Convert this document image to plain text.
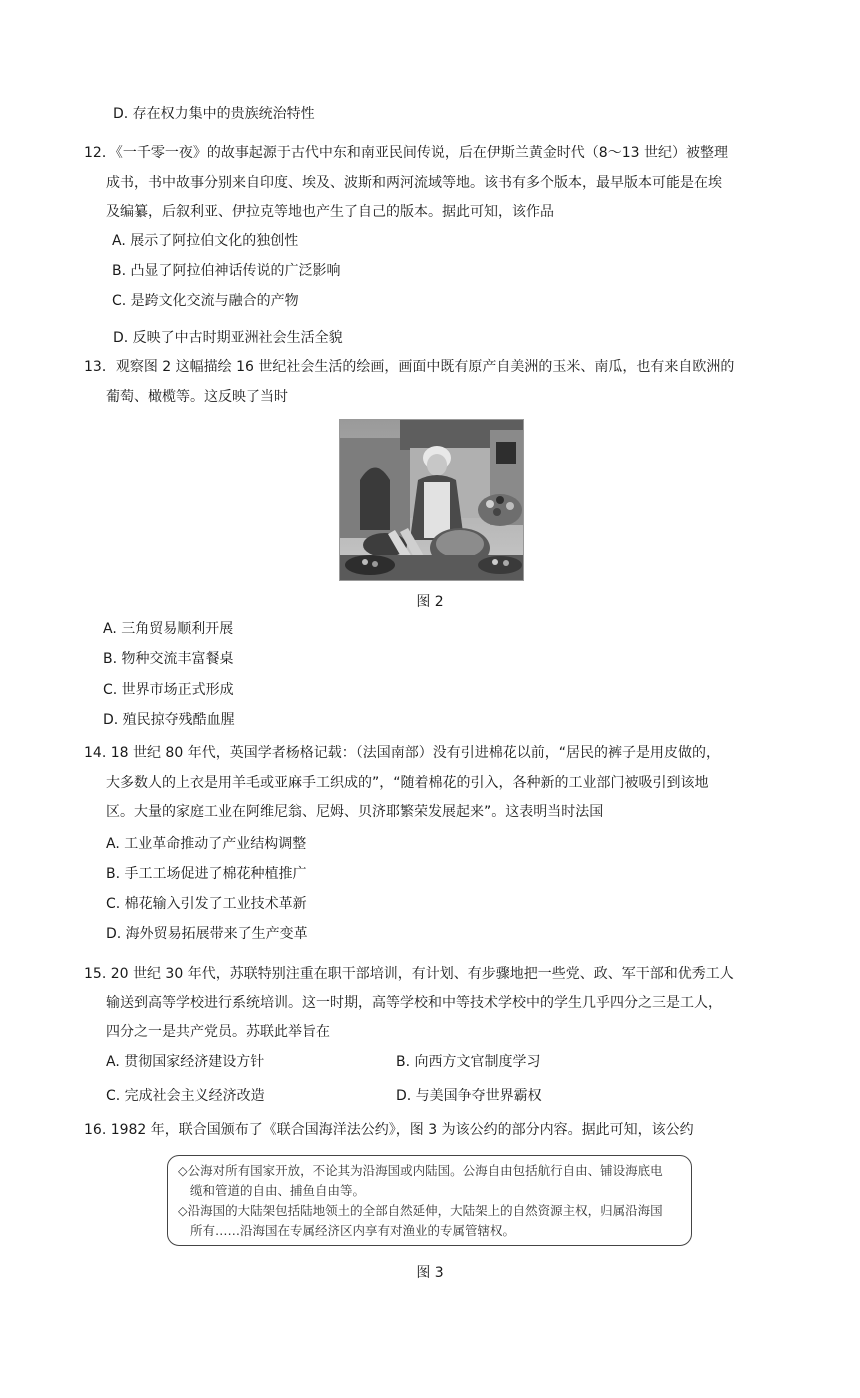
D. 存在权力集中的贵族统治特性
12．《一千零一夜》的故事起源于古代中东和南亚民间传说，后在伊斯兰黄金时代（8～13 世纪）被整理
成书，书中故事分别来自印度、埃及、波斯和两河流域等地。该书有多个版本，最早版本可能是在埃
及编纂，后叙利亚、伊拉克等地也产生了自己的版本。据此可知，该作品
A. 展示了阿拉伯文化的独创性
B. 凸显了阿拉伯神话传说的广泛影响
C. 是跨文化交流与融合的产物
D. 反映了中古时期亚洲社会生活全貌
13．观察图 2 这幅描绘 16 世纪社会生活的绘画，画面中既有原产自美洲的玉米、南瓜，也有来自欧洲的
葡萄、橄榄等。这反映了当时
图 2
A. 三角贸易顺利开展
B. 物种交流丰富餐桌
C. 世界市场正式形成
D. 殖民掠夺残酷血腥
14. 18 世纪 80 年代，英国学者杨格记载：（法国南部）没有引进棉花以前，“居民的裤子是用皮做的，
大多数人的上衣是用羊毛或亚麻手工织成的”，“随着棉花的引入，各种新的工业部门被吸引到该地
区。大量的家庭工业在阿维尼翁、尼姆、贝济耶繁荣发展起来”。这表明当时法国
A. 工业革命推动了产业结构调整
B. 手工工场促进了棉花种植推广
C. 棉花输入引发了工业技术革新
D. 海外贸易拓展带来了生产变革
15. 20 世纪 30 年代，苏联特别注重在职干部培训，有计划、有步骤地把一些党、政、军干部和优秀工人
输送到高等学校进行系统培训。这一时期，高等学校和中等技术学校中的学生几乎四分之三是工人，
四分之一是共产党员。苏联此举旨在
A. 贯彻国家经济建设方针	B. 向西方文官制度学习
C. 完成社会主义经济改造	D. 与美国争夺世界霸权
16. 1982 年，联合国颁布了《联合国海洋法公约》，图 3 为该公约的部分内容。据此可知，该公约
◇公海对所有国家开放，不论其为沿海国或内陆国。公海自由包括航行自由、铺设海底电
缆和管道的自由、捕鱼自由等。
◇沿海国的大陆架包括陆地领土的全部自然延伸，大陆架上的自然资源主权，归属沿海国
所有……沿海国在专属经济区内享有对渔业的专属管辖权。
图 3
